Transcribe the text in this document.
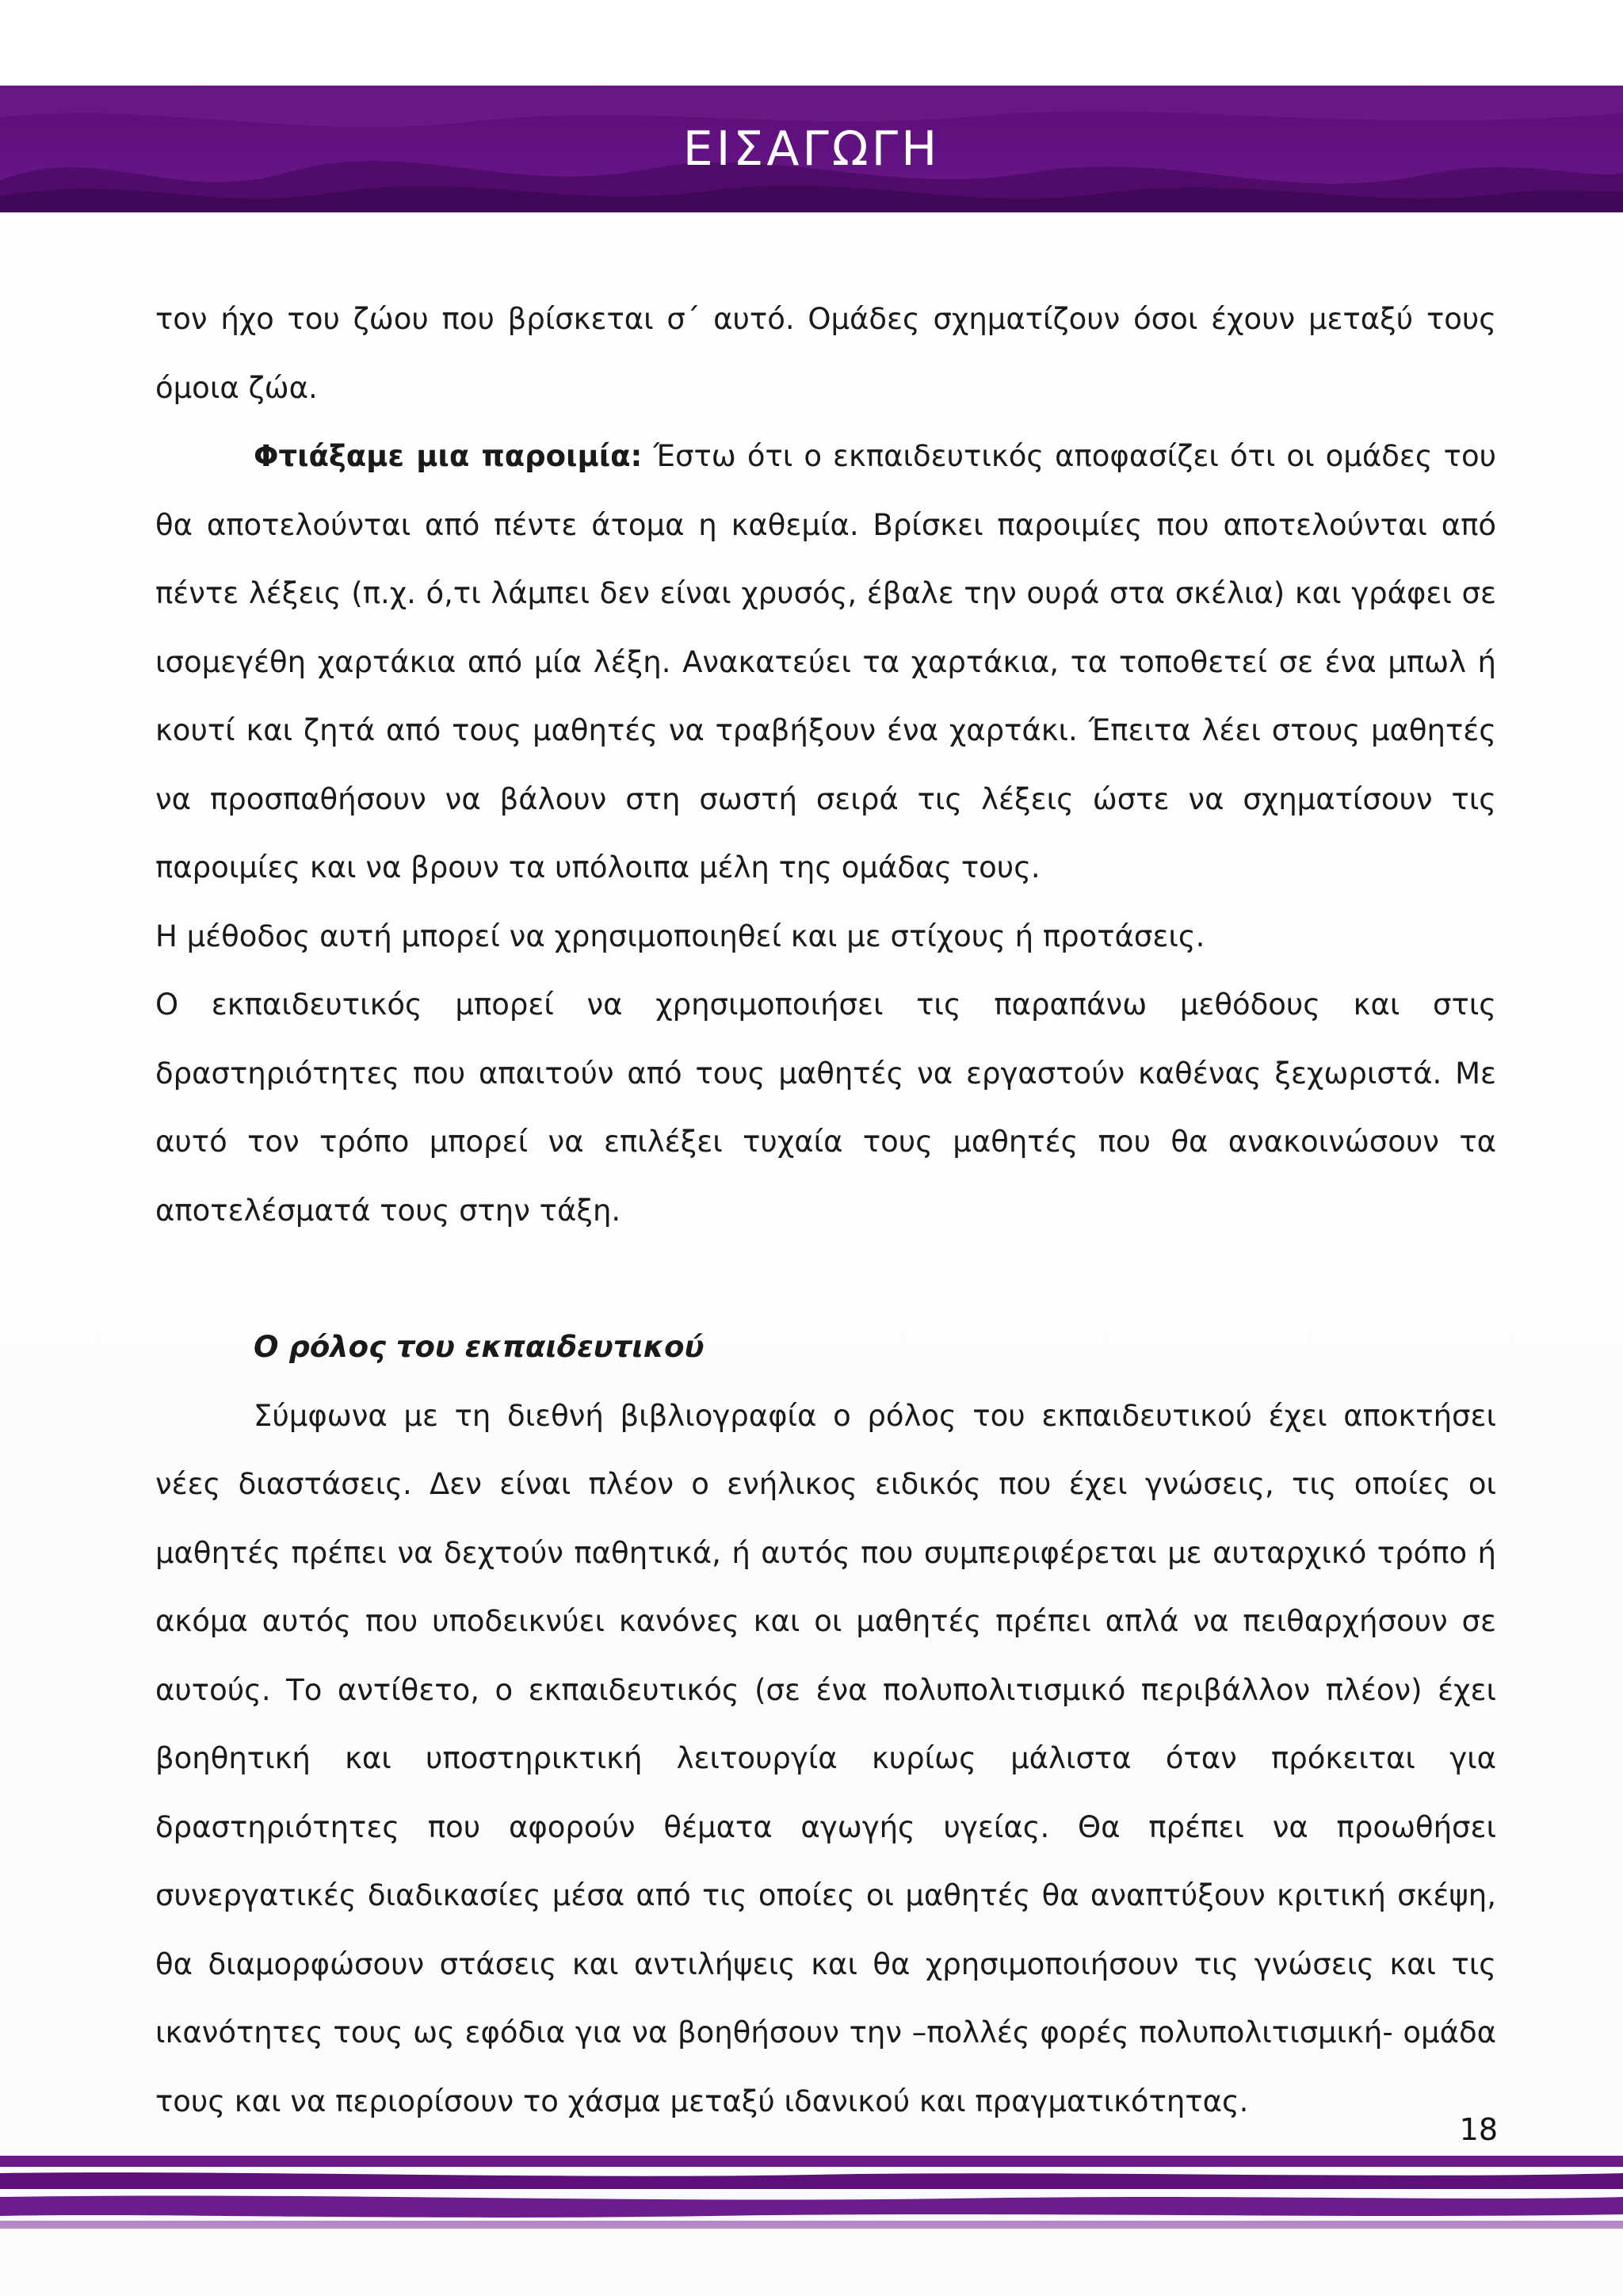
ΕΙΣΑΓΩΓΗ

τον ήχο του ζώου που βρίσκεται σ΄ αυτό. Ομάδες σχηματίζουν όσοι έχουν μεταξύ τους όμοια ζώα.

Φτιάξαμε μια παροιμία: Έστω ότι ο εκπαιδευτικός αποφασίζει ότι οι ομάδες του θα αποτελούνται από πέντε άτομα η καθεμία. Βρίσκει παροιμίες που αποτελούνται από πέντε λέξεις (π.χ. ό,τι λάμπει δεν είναι χρυσός, έβαλε την ουρά στα σκέλια) και γράφει σε ισομεγέθη χαρτάκια από μία λέξη. Ανακατεύει τα χαρτάκια, τα τοποθετεί σε ένα μπωλ ή κουτί και ζητά από τους μαθητές να τραβήξουν ένα χαρτάκι. Έπειτα λέει στους μαθητές να προσπαθήσουν να βάλουν στη σωστή σειρά τις λέξεις ώστε να σχηματίσουν τις παροιμίες και να βρουν τα υπόλοιπα μέλη της ομάδας τους.

Η μέθοδος αυτή μπορεί να χρησιμοποιηθεί και με στίχους ή προτάσεις.

Ο εκπαιδευτικός μπορεί να χρησιμοποιήσει τις παραπάνω μεθόδους και στις δραστηριότητες που απαιτούν από τους μαθητές να εργαστούν καθένας ξεχωριστά. Με αυτό τον τρόπο μπορεί να επιλέξει τυχαία τους μαθητές που θα ανακοινώσουν τα αποτελέσματά τους στην τάξη.

Ο ρόλος του εκπαιδευτικού

Σύμφωνα με τη διεθνή βιβλιογραφία ο ρόλος του εκπαιδευτικού έχει αποκτήσει νέες διαστάσεις. Δεν είναι πλέον ο ενήλικος ειδικός που έχει γνώσεις, τις οποίες οι μαθητές πρέπει να δεχτούν παθητικά, ή αυτός που συμπεριφέρεται με αυταρχικό τρόπο ή ακόμα αυτός που υποδεικνύει κανόνες και οι μαθητές πρέπει απλά να πειθαρχήσουν σε αυτούς. Το αντίθετο, ο εκπαιδευτικός (σε ένα πολυπολιτισμικό περιβάλλον πλέον) έχει βοηθητική και υποστηρικτική λειτουργία κυρίως μάλιστα όταν πρόκειται για δραστηριότητες που αφορούν θέματα αγωγής υγείας. Θα πρέπει να προωθήσει συνεργατικές διαδικασίες μέσα από τις οποίες οι μαθητές θα αναπτύξουν κριτική σκέψη, θα διαμορφώσουν στάσεις και αντιλήψεις και θα χρησιμοποιήσουν τις γνώσεις και τις ικανότητες τους ως εφόδια για να βοηθήσουν την –πολλές φορές πολυπολιτισμική- ομάδα τους και να περιορίσουν το χάσμα μεταξύ ιδανικού και πραγματικότητας.

18
